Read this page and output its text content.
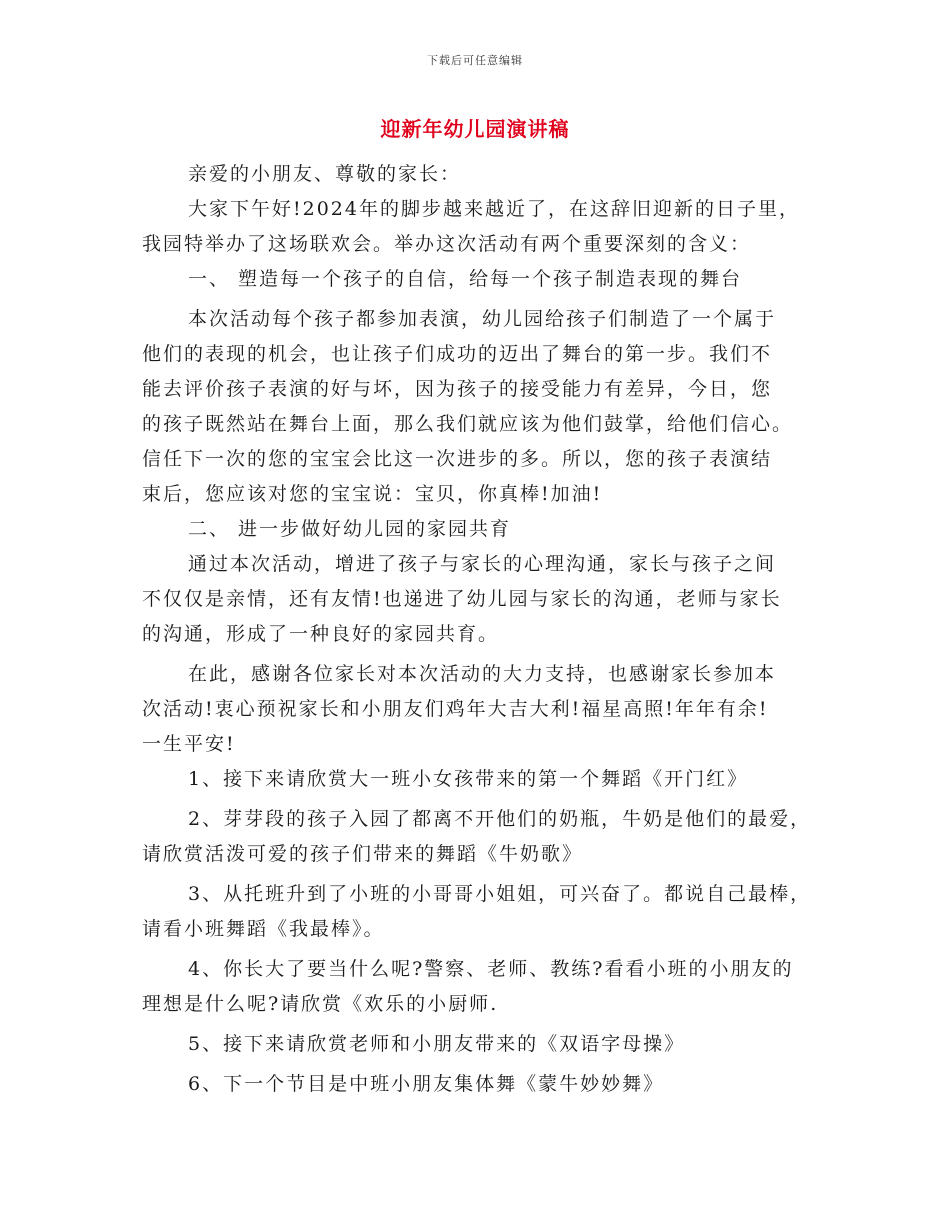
下载后可任意编辑
迎新年幼儿园演讲稿
亲爱的小朋友、尊敬的家长：
大家下午好!2024年的脚步越来越近了，在这辞旧迎新的日子里，
我园特举办了这场联欢会。举办这次活动有两个重要深刻的含义：
一、 塑造每一个孩子的自信，给每一个孩子制造表现的舞台
本次活动每个孩子都参加表演，幼儿园给孩子们制造了一个属于
他们的表现的机会，也让孩子们成功的迈出了舞台的第一步。我们不
能去评价孩子表演的好与坏，因为孩子的接受能力有差异，今日，您
的孩子既然站在舞台上面，那么我们就应该为他们鼓掌，给他们信心。
信任下一次的您的宝宝会比这一次进步的多。所以，您的孩子表演结
束后，您应该对您的宝宝说：宝贝，你真棒!加油!
二、 进一步做好幼儿园的家园共育
通过本次活动，增进了孩子与家长的心理沟通，家长与孩子之间
不仅仅是亲情，还有友情!也递进了幼儿园与家长的沟通，老师与家长
的沟通，形成了一种良好的家园共育。
在此，感谢各位家长对本次活动的大力支持，也感谢家长参加本
次活动!衷心预祝家长和小朋友们鸡年大吉大利!福星高照!年年有余!
一生平安!
1、接下来请欣赏大一班小女孩带来的第一个舞蹈《开门红》
2、芽芽段的孩子入园了都离不开他们的奶瓶，牛奶是他们的最爱，
请欣赏活泼可爱的孩子们带来的舞蹈《牛奶歌》
3、从托班升到了小班的小哥哥小姐姐，可兴奋了。都说自己最棒，
请看小班舞蹈《我最棒》。
4、你长大了要当什么呢?警察、老师、教练?看看小班的小朋友的
理想是什么呢?请欣赏《欢乐的小厨师.
5、接下来请欣赏老师和小朋友带来的《双语字母操》
6、下一个节目是中班小朋友集体舞《蒙牛妙妙舞》
